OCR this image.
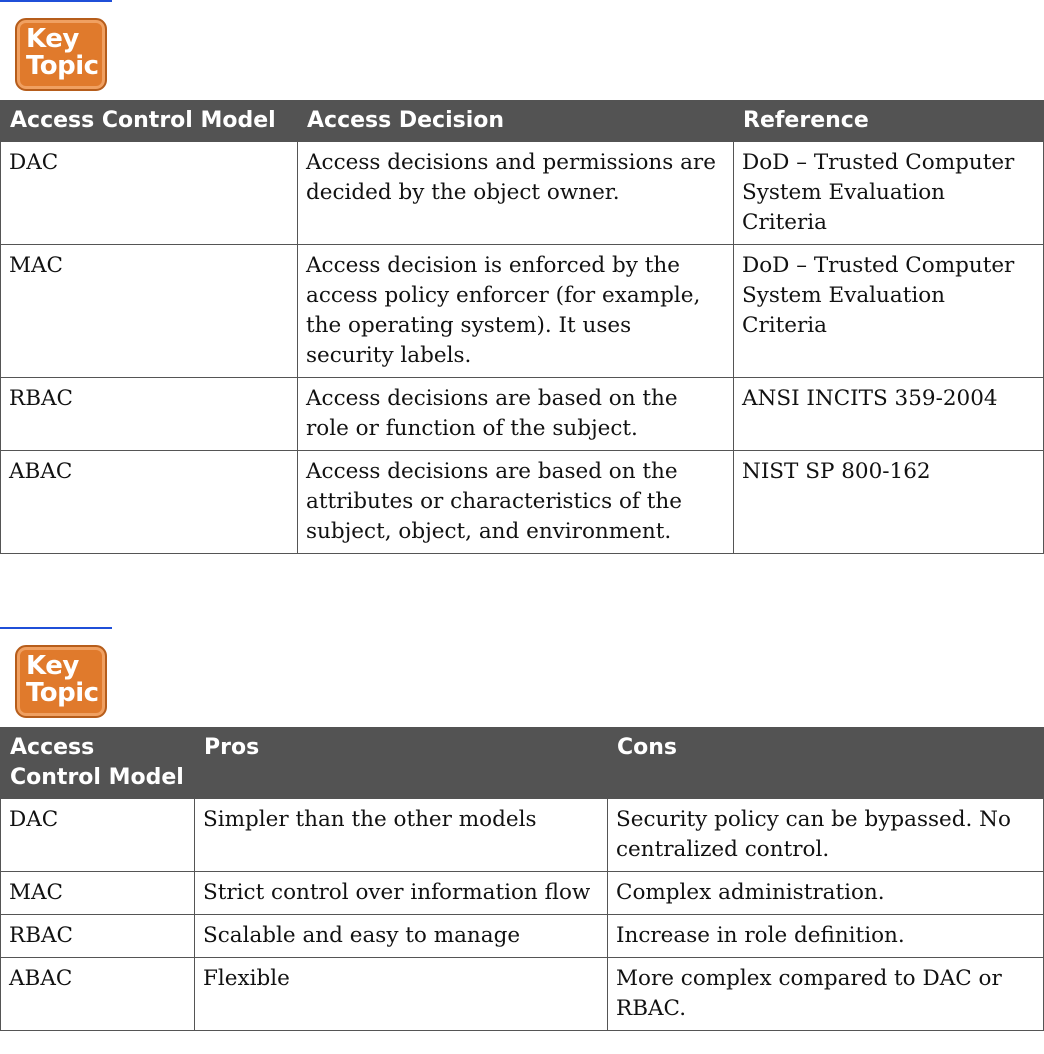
Key
Topic
Access Control Model	Access Decision	Reference
DAC	Access decisions and permissions are decided by the object owner.	DoD – Trusted Computer System Evaluation Criteria
MAC	Access decision is enforced by the access policy enforcer (for example, the operating system). It uses security labels.	DoD – Trusted Computer System Evaluation Criteria
RBAC	Access decisions are based on the role or function of the subject.	ANSI INCITS 359-2004
ABAC	Access decisions are based on the attributes or characteristics of the subject, object, and environment.	NIST SP 800-162
Key
Topic
Access Control Model	Pros	Cons
DAC	Simpler than the other models	Security policy can be bypassed. No centralized control.
MAC	Strict control over information flow	Complex administration.
RBAC	Scalable and easy to manage	Increase in role definition.
ABAC	Flexible	More complex compared to DAC or RBAC.
